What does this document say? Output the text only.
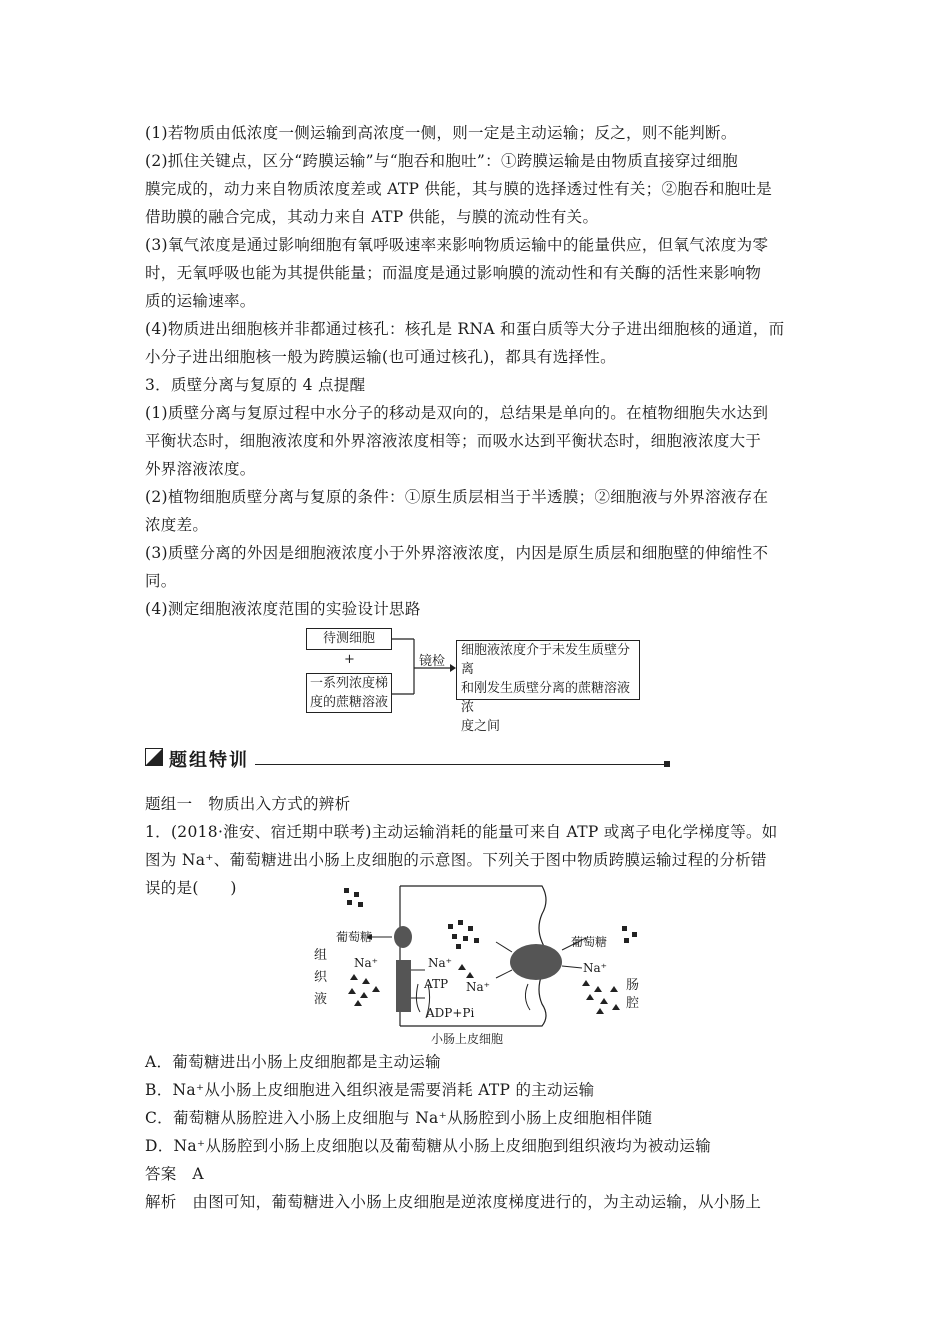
(1)若物质由低浓度一侧运输到高浓度一侧，则一定是主动运输；反之，则不能判断。
(2)抓住关键点，区分“跨膜运输”与“胞吞和胞吐”：①跨膜运输是由物质直接穿过细胞
膜完成的，动力来自物质浓度差或 ATP 供能，其与膜的选择透过性有关；②胞吞和胞吐是
借助膜的融合完成，其动力来自 ATP 供能，与膜的流动性有关。
(3)氧气浓度是通过影响细胞有氧呼吸速率来影响物质运输中的能量供应，但氧气浓度为零
时，无氧呼吸也能为其提供能量；而温度是通过影响膜的流动性和有关酶的活性来影响物
质的运输速率。
(4)物质进出细胞核并非都通过核孔：核孔是 RNA 和蛋白质等大分子进出细胞核的通道，而
小分子进出细胞核一般为跨膜运输(也可通过核孔)，都具有选择性。
3．质壁分离与复原的 4 点提醒
(1)质壁分离与复原过程中水分子的移动是双向的，总结果是单向的。在植物细胞失水达到
平衡状态时，细胞液浓度和外界溶液浓度相等；而吸水达到平衡状态时，细胞液浓度大于
外界溶液浓度。
(2)植物细胞质壁分离与复原的条件：①原生质层相当于半透膜；②细胞液与外界溶液存在
浓度差。
(3)质壁分离的外因是细胞液浓度小于外界溶液浓度，内因是原生质层和细胞壁的伸缩性不
同。
(4)测定细胞液浓度范围的实验设计思路
待测细胞
+
一系列浓度梯
度的蔗糖溶液
镜检
细胞液浓度介于未发生质壁分离
和刚发生质壁分离的蔗糖溶液浓
度之间
题组特训
题组一　物质出入方式的辨析
1．(2018·淮安、宿迁期中联考)主动运输消耗的能量可来自 ATP 或离子电化学梯度等。如
图为 Na⁺、葡萄糖进出小肠上皮细胞的示意图。下列关于图中物质跨膜运输过程的分析错
误的是(　　)
葡萄糖	葡萄糖
组
织
液
肠
腔
Na⁺	Na⁺
Na⁺
Na⁺
ATP
ADP+Pi
小肠上皮细胞
A．葡萄糖进出小肠上皮细胞都是主动运输
B．Na⁺从小肠上皮细胞进入组织液是需要消耗 ATP 的主动运输
C．葡萄糖从肠腔进入小肠上皮细胞与 Na⁺从肠腔到小肠上皮细胞相伴随
D．Na⁺从肠腔到小肠上皮细胞以及葡萄糖从小肠上皮细胞到组织液均为被动运输
答案　A
解析　由图可知，葡萄糖进入小肠上皮细胞是逆浓度梯度进行的，为主动运输，从小肠上
